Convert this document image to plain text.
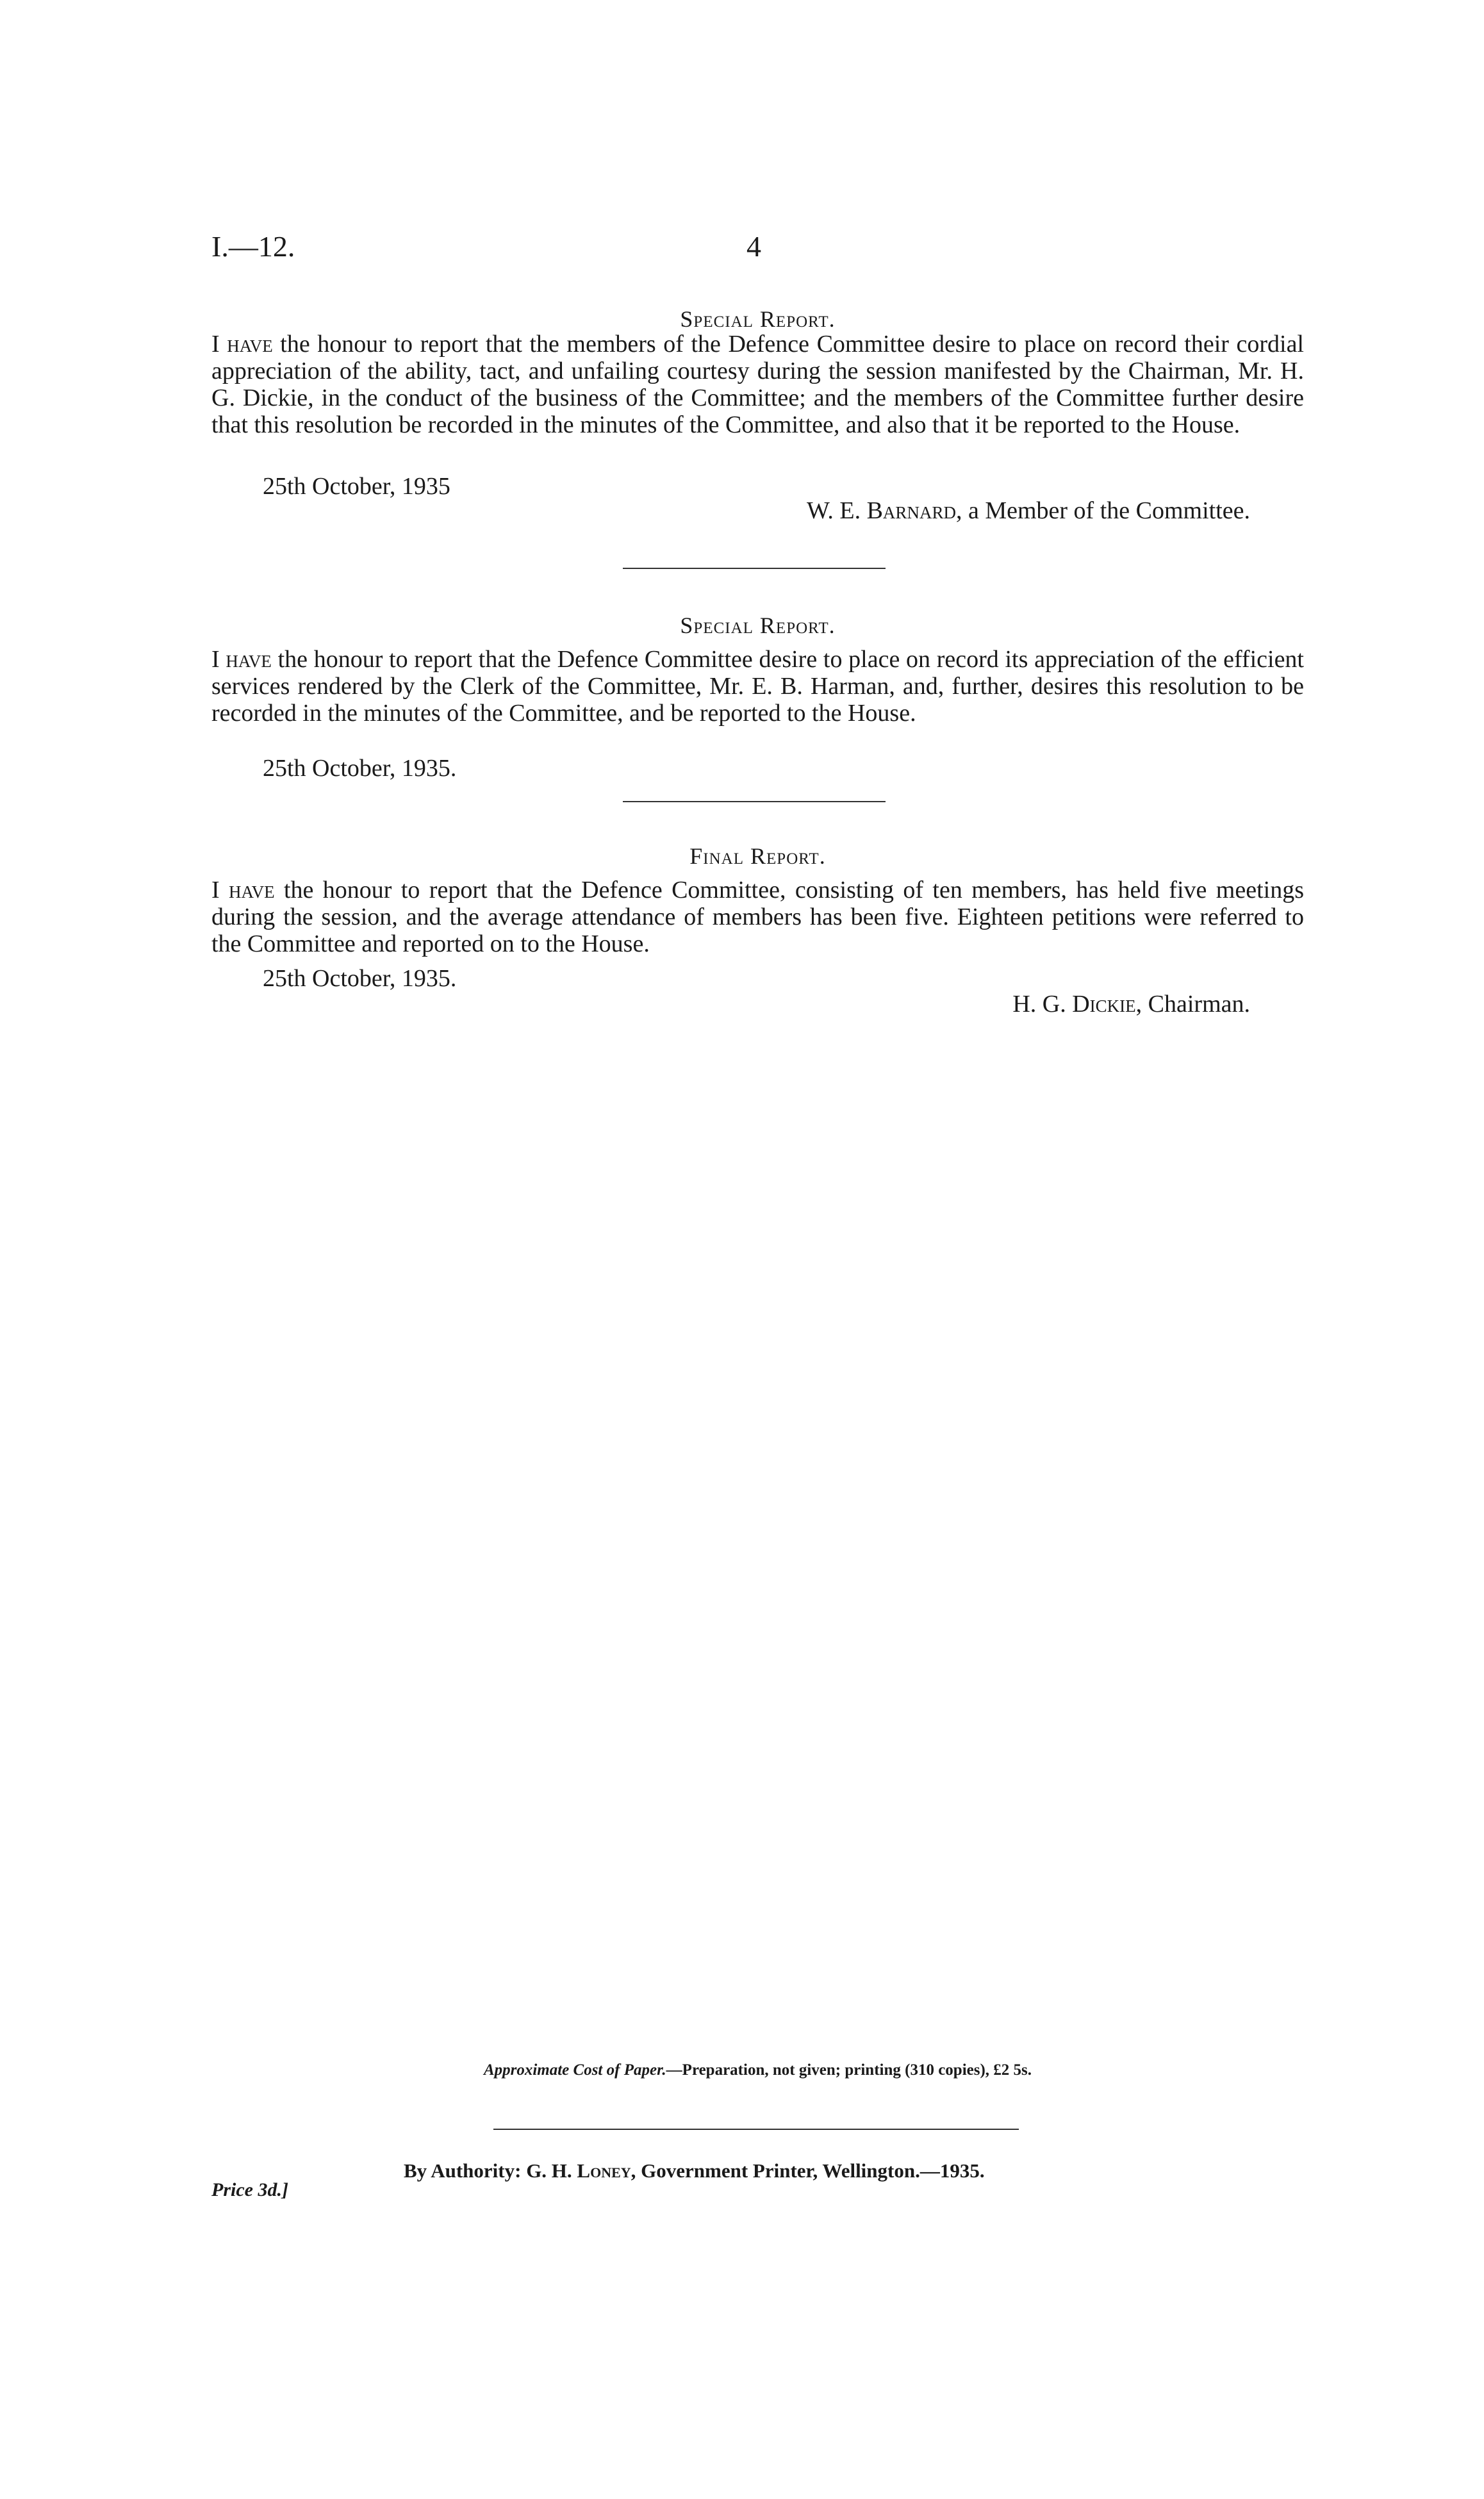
I.—12.	4
Special Report.

I have the honour to report that the members of the Defence Committee desire to place on record their cordial appreciation of the ability, tact, and unfailing courtesy during the session manifested by the Chairman, Mr. H. G. Dickie, in the conduct of the business of the Committee; and the members of the Committee further desire that this resolution be recorded in the minutes of the Committee, and also that it be reported to the House.

25th October, 1935
W. E. Barnard, a Member of the Committee.
Special Report.

I have the honour to report that the Defence Committee desire to place on record its appreciation of the efficient services rendered by the Clerk of the Committee, Mr. E. B. Harman, and, further, desires this resolution to be recorded in the minutes of the Committee, and be reported to the House.

25th October, 1935.
Final Report.

I have the honour to report that the Defence Committee, consisting of ten members, has held five meetings during the session, and the average attendance of members has been five. Eighteen petitions were referred to the Committee and reported on to the House.

25th October, 1935.
H. G. Dickie, Chairman.
Approximate Cost of Paper.—Preparation, not given; printing (310 copies), £2 5s.
By Authority: G. H. Loney, Government Printer, Wellington.—1935.
Price 3d.]
